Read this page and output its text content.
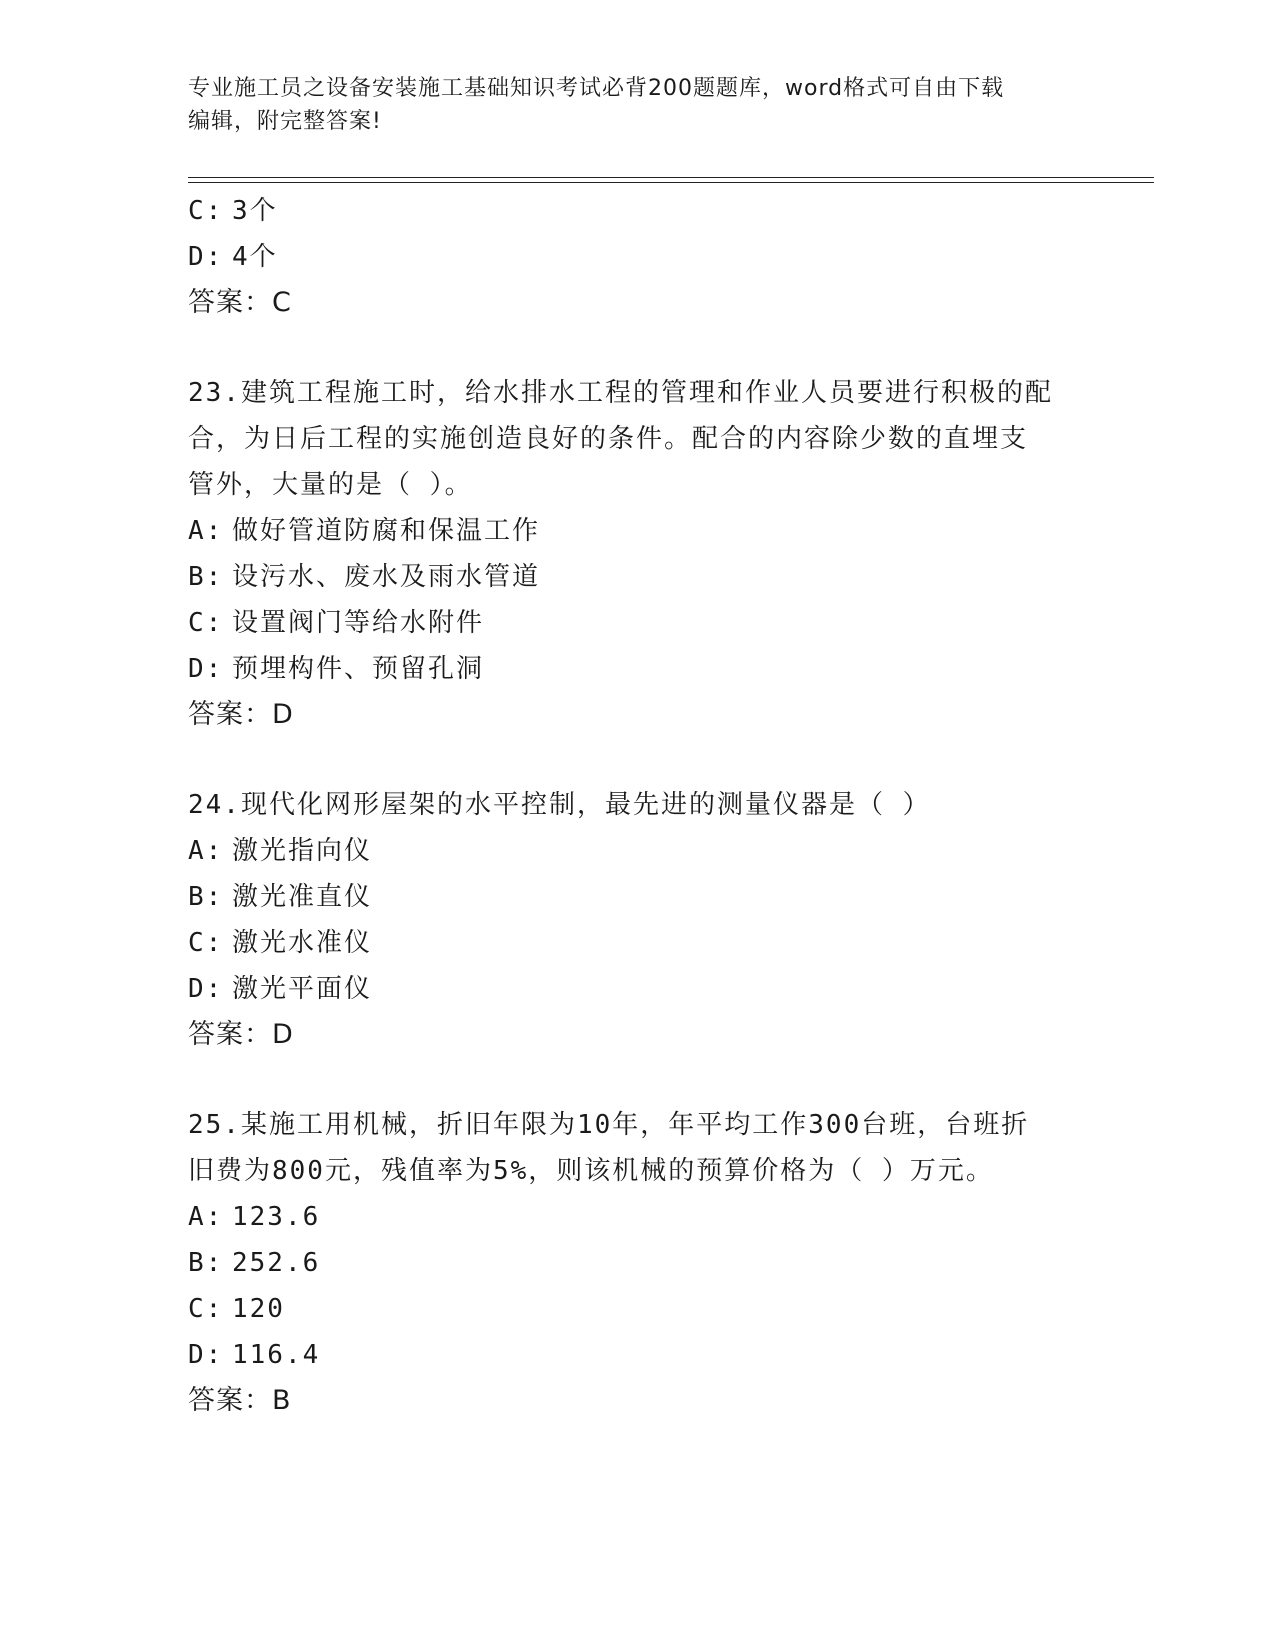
专业施工员之设备安装施工基础知识考试必背200题题库，word格式可自由下载
编辑，附完整答案!
C: 3个
D: 4个
答案：C
23.建筑工程施工时，给水排水工程的管理和作业人员要进行积极的配
合，为日后工程的实施创造良好的条件。配合的内容除少数的直埋支
管外，大量的是（ ）。
A: 做好管道防腐和保温工作
B: 设污水、废水及雨水管道
C: 设置阀门等给水附件
D: 预埋构件、预留孔洞
答案：D
24.现代化网形屋架的水平控制，最先进的测量仪器是（ ）
A: 激光指向仪
B: 激光准直仪
C: 激光水准仪
D: 激光平面仪
答案：D
25.某施工用机械，折旧年限为10年，年平均工作300台班，台班折
旧费为800元，残值率为5%，则该机械的预算价格为（ ）万元。
A: 123.6
B: 252.6
C: 120
D: 116.4
答案：B
